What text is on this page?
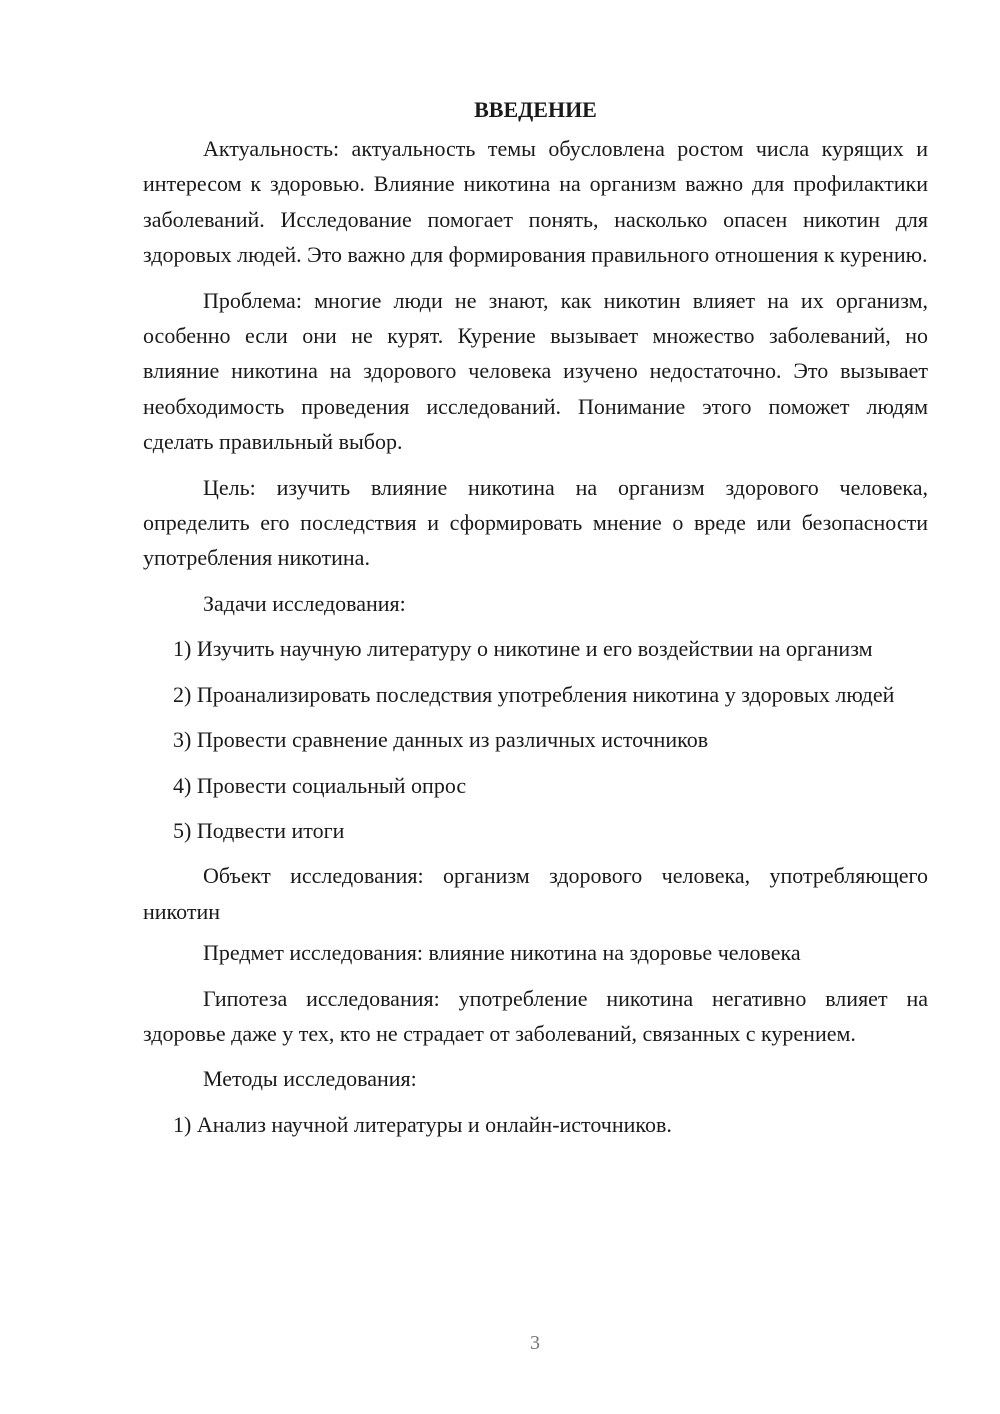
ВВЕДЕНИЕ

Актуальность: актуальность темы обусловлена ростом числа курящих и интересом к здоровью. Влияние никотина на организм важно для профилактики заболеваний. Исследование помогает понять, насколько опасен никотин для здоровых людей. Это важно для формирования правильного отношения к курению.

Проблема: многие люди не знают, как никотин влияет на их организм, особенно если они не курят. Курение вызывает множество заболеваний, но влияние никотина на здорового человека изучено недостаточно. Это вызывает необходимость проведения исследований. Понимание этого поможет людям сделать правильный выбор.

Цель: изучить влияние никотина на организм здорового человека, определить его последствия и сформировать мнение о вреде или безопасности употребления никотина.

Задачи исследования:

1) Изучить научную литературу о никотине и его воздействии на организм

2) Проанализировать последствия употребления никотина у здоровых людей

3) Провести сравнение данных из различных источников

4) Провести социальный опрос

5) Подвести итоги

Объект исследования: организм здорового человека, употребляющего никотин

Предмет исследования: влияние никотина на здоровье человека

Гипотеза исследования: употребление никотина негативно влияет на здоровье даже у тех, кто не страдает от заболеваний, связанных с курением.

Методы исследования:

1) Анализ научной литературы и онлайн-источников.

3
